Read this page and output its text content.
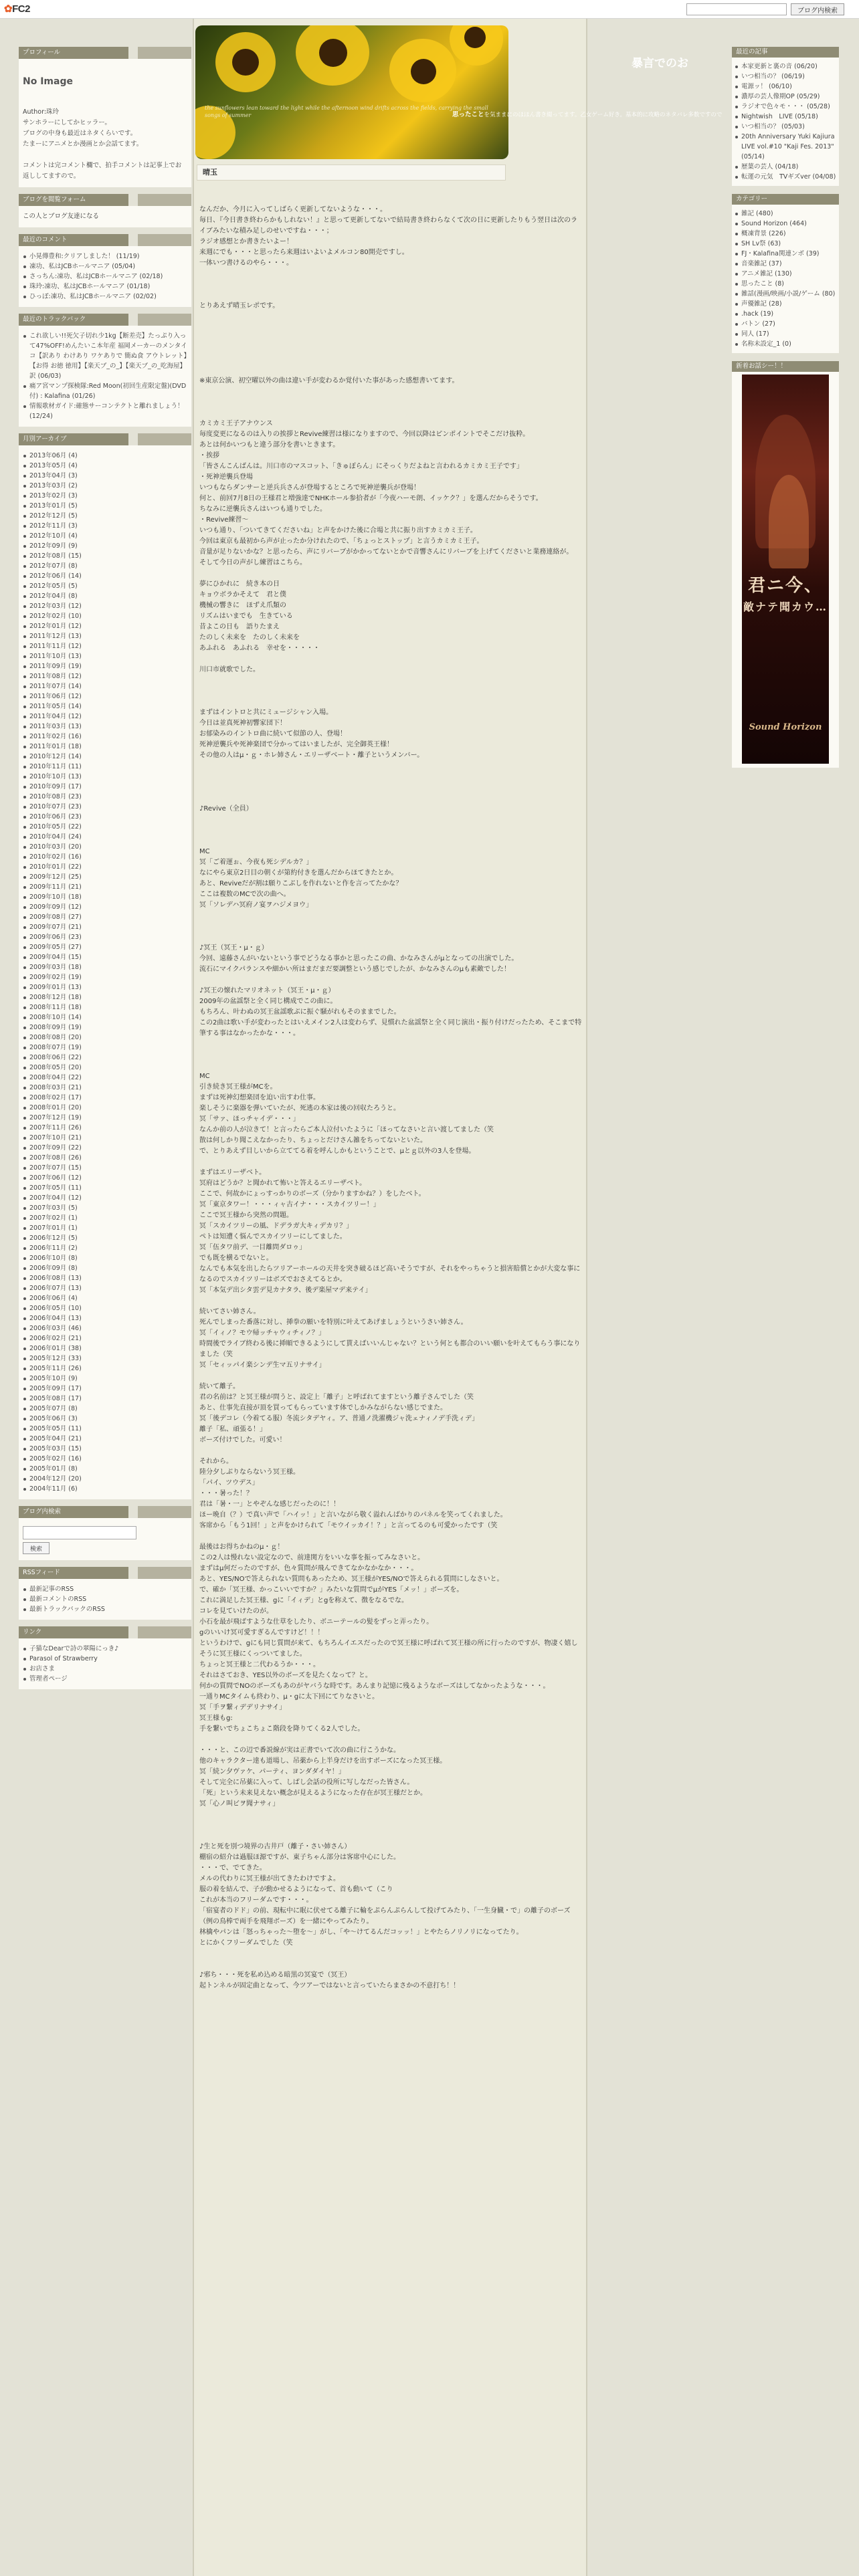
✿FC2	ブログ内検索
プロフィール
No Image
Author:珠玲
サンホラーにしてかヒッラー。
ブログの中身も最近はネタくらいです。
たまーにアニメとか漫画とか会話てます。
コメントは完コメント欄で、拍手コメントは記事上でお返ししてますので。
ブログを閲覧フォーム
この人とブログ友達になる
最近のコメント
小晃傳豊和:クリアしました！ (11/19)
凍功、私はJCBホールマニア (05/04)
さっちん:凍功、私はJCBホールマニア (02/18)
珠玲:凍功、私はJCBホールマニア (01/18)
ひっぽ:凍功、私はJCBホールマニア (02/02)
最近のトラックバック
これ欲しい!!死欠子切れ少1kg【断差売】たっぷり入って47%OFF!めんたいこ本年産 福岡メーカーのメンタイコ【訳あり わけあり ワケありで 簡ぬ食 アウトレット】【お得 お徳 徳用】【楽天ブ_の_】【楽天ブ_の_吃海屋】訳 (06/03)
痛ア宮マンプ探検隊:Red Moon(初回生産限定盤)(DVD付) : Kalafina (01/26)
情報歌材ガイド:確態サーコンテクトと離れましょう！ (12/24)
月別アーカイブ
2013年06月 (4)
2013年05月 (4)
2013年04月 (3)
2013年03月 (2)
2013年02月 (3)
2013年01月 (5)
2012年12月 (5)
2012年11月 (3)
2012年10月 (4)
2012年09月 (9)
2012年08月 (15)
2012年07月 (8)
2012年06月 (14)
2012年05月 (5)
2012年04月 (8)
2012年03月 (12)
2012年02月 (10)
2012年01月 (12)
2011年12月 (13)
2011年11月 (12)
2011年10月 (13)
2011年09月 (19)
2011年08月 (12)
2011年07月 (14)
2011年06月 (12)
2011年05月 (14)
2011年04月 (12)
2011年03月 (13)
2011年02月 (16)
2011年01月 (18)
2010年12月 (14)
2010年11月 (11)
2010年10月 (13)
2010年09月 (17)
2010年08月 (23)
2010年07月 (23)
2010年06月 (23)
2010年05月 (22)
2010年04月 (24)
2010年03月 (20)
2010年02月 (16)
2010年01月 (22)
2009年12月 (25)
2009年11月 (21)
2009年10月 (18)
2009年09月 (12)
2009年08月 (27)
2009年07月 (21)
2009年06月 (23)
2009年05月 (27)
2009年04月 (15)
2009年03月 (18)
2009年02月 (19)
2009年01月 (13)
2008年12月 (18)
2008年11月 (18)
2008年10月 (14)
2008年09月 (19)
2008年08月 (20)
2008年07月 (19)
2008年06月 (22)
2008年05月 (20)
2008年04月 (22)
2008年03月 (21)
2008年02月 (17)
2008年01月 (20)
2007年12月 (19)
2007年11月 (26)
2007年10月 (21)
2007年09月 (22)
2007年08月 (26)
2007年07月 (15)
2007年06月 (12)
2007年05月 (11)
2007年04月 (12)
2007年03月 (5)
2007年02月 (1)
2007年01月 (1)
2006年12月 (5)
2006年11月 (2)
2006年10月 (8)
2006年09月 (8)
2006年08月 (13)
2006年07月 (13)
2006年06月 (4)
2006年05月 (10)
2006年04月 (13)
2006年03月 (46)
2006年02月 (21)
2006年01月 (38)
2005年12月 (33)
2005年11月 (26)
2005年10月 (9)
2005年09月 (17)
2005年08月 (17)
2005年07月 (8)
2005年06月 (3)
2005年05月 (11)
2005年04月 (21)
2005年03月 (15)
2005年02月 (16)
2005年01月 (8)
2004年12月 (20)
2004年11月 (6)
ブログ内検索
検索
RSSフィード
最新記事のRSS
最新コメントのRSS
最新トラックバックのRSS
リンク
子猫なDearで詩の翠陽にっき♪
Parasol of Strawberry
お店さま
管理者ページ
the sunflowers lean toward the light while the afternoon wind drifts across the fields, carrying the small songs of summer
晴玉

なんだか、今月に入ってしばらく更新してないような・・・。

毎日、『今日書き終わらかもしれない！』と思って更新してないで結局書き終わらなくて次の日に更新したりもう翌日は次のライブみたいな積み足しのせいですね・・・；

ラジオ感想とか書きたいよー！

来週にでも・・・と思ったら来週はいよいよメルコン80開売ですし。

一体いつ書けるのやら・・・。

とりあえず晴玉レポです。

※東京公演、初空曜以外の曲は違い手が変わるか覚付いた事があった感想書いてます。

カミカミ王子アナウンス

毎度変更になるのは入りの挨拶とRevive練習は様になりますので、今回以降はピンポイントでそこだけ抜粋。

あとは何かいつもと違う部分を書いときます。

・挨拶

「皆さんこんばんは。川口市のマスコット、「きゅぽらん」にそっくりだよねと言われるカミカミ王子です」

・死神逆襲兵登場

いつもならダンサーと逆兵兵さんが登場するところで死神逆襲兵が登場！

何と、前回7月8日の王様君と増強達でNHKホール参拾者が「今夜ハーモ朗、イッケク？」を選んだからそうです。

ちなみに逆襲兵さんはいつも通りでした。

・Revive練習～

いつも通り、「ついてきてくださいね」と声をかけた後に合場と共に振り出すカミカミ王子。

今回は東京も最初から声が止ったか分けれたので、「ちょっとストップ」と言うカミカミ王子。

音量が足りないかな？と思ったら、声にリバーブがかかってないとかで音響さんにリバーブを上げてくださいと業務連絡が。

そして今日の声がし練習はこちら。

夢にひかれに　続き本の日

キョウボラかそえて　君と僕

機械の響きに　ほずえ爪類の

リズムはいまでも　生きている

昔よこの日も　語りたまえ

たのしく未来を　たのしく未来を

あふれる　あふれる　幸せを・・・・・

川口市就歌でした。

まずはイントロと共にミュージシャン入場。

今日は並真死神初響家団下！

お郁染みのイントロ曲に続いて似節の人、登場！

死神逆襲兵や死神楽団で分かってはいましたが、完全御英王様！

その他の人はμ・ｇ・ホレ姉さん・エリーザベート・離子というメンバー。

♪Revive（全員）

MC

冥「ご着運ぉ、今夜も死シデルカ？」

なにやら東京2日目の朝くが第約付きを選んだからほてきたとか。

あと、Reviveだが割は願りこぶしを作れないと作を言ってたかな？

ここは複数のMCで次の曲へ。

冥「ソレデハ冥府ノ宴ヲハジメヨウ」

♪冥王（冥王・μ・ｇ）

今回、遠藤さんがいないという事でどうなる事かと思ったこの曲、かなみさんがμとなっての出演でした。

流石にマイクパランスや細かい所はまだまだ要調整という感じでしたが、かなみさんのμも素敵でした！

♪冥王の懐れたマリオネット（冥王・μ・ｇ）

2009年の盆謡祭と全く同じ構成でこの曲に。

もちろん、叶わぬの冥王盆謡歌ぶに振ぐ騒がれもそのままでした。

この2曲は歌い手が変わったとはいえメイン2人は変わらず、見慣れた盆謡祭と全く同じ演出・振り付けだったため、そこまで特筆する事はなかったかな・・・。

MC

引き続き冥王様がMCを。

まずは死神幻想楽団を迫い出すわ仕事。

楽しそうに楽器を弾いていたが、死逃の本家は後の回収たろうと。

冥「サァ、ほっチャイデ・・・」

なんか前の人が泣きて！と言ったらご本人泣付いたように「ほってなさいと言い渡してました（笑

散は何しかり聞こえなかったり、ちょっとだけさん雑をちってないといた。

で、とりあえず目しいから立ててる着を呼んしかもということで、μとｇ以外の3人を登場。

まずはエリーザベト。

冥府はどうか？と聞かれて怖いと答えるエリーザベト。

ここで、何故かにょっすっかりのボーズ（分かりますかね？）をしたベト。

冥「東京タワー！・・・ィャ古イナ・・・スカイツリー！」

ここで冥王様から突然の問題。

冥「スカイツリーの風、ドデラガ大キィデカリ？」

ペトは知遭く悩んでスカイツリーにしてました。

冥「伍タワ前デ、一目離問ダロゥ」

でも既を横るでないと。

なんでも本気を出したらツリアーホールの天井を突き破るほど高いそうですが、それをやっちゃうと損害賠償とかが大変な事になるのでスカイツリーはボズでおさえてるとか。

冥「本気デ出シタ雲デ見カナタラ、後デ楽屋マデ来テイ」

続いてさい姉さん。

死んでしまった番落に対し、挿拳の願いを特別に叶えてあげましょうというさい姉さん。

冥「イィノ？モウ帰ッチャウィチィノ？」

時間後でライブ終わる後に挿順できるようにして貰えばいいんじゃない？という何とも都合のいい願いを叶えてもらう事になりました（笑

冥「セィッパイ楽シンデ生マ五リナサイ」

続いて離子。

君の名前は？と冥王様が問うと、設定上「離子」と呼ばれてますという離子さんでした（笑

あと、仕事先直接が頂を買ってもらっています体でしかみながらない感じでまた。

冥「後デコレ（今着てる服）冬流シタデヤィ。ア、普通ノ洗濯機ジャ洗ェナィノデ手洗ィデ」

離子「私、頑張る！」

ボーズ付けでした。可愛い！

それから。

陸分夕しぶりならないう冥王様。

「パイ、ツウデス」

・・・暑った！？

君は「暑・一」とやぞんな感じだったのに！！

ほー晩自（？）で真い声で「ハイッ！」と言いながら敬く溢れんばかりのパネルを笑ってくれました。

客席から「もう1回！」と声をかけられて「モウイッカイ！？」と言ってるのも可愛かったです（笑

最後はお得ちかねのμ・ｇ！

この2人は慢れない設定なので、前達関方をいいな事を振ってみなさいと。

まずはμ何だったのですが、色々質問が飛んできてなかなかなか・・・。

あと、YES/NOで答えられない質問もあったため、冥王様がYES/NOで答えられる質問にしなさいと。

で、確か「冥王様、かっこいいですか？」みたいな質問でμがYES「メッ！」ボーズを。

これに満足した冥王様、gに「イィデ」とgを称えて、徴をなるでな。

コレを見ていけたのが。

小石を最が飛ばすような仕草をしたり、ボニーテールの髪をずっと弄ったり。

gのいいけ冥可愛すぎるんですけど！！！

というわけで、gにも同じ質問が来て、もちろんイエスだったので冥王様に呼ばれて冥王様の所に行ったのですが、物凄く嬉しそうに冥王様にくっついてました。

ちょっと冥王様と二代わるうか・・・。

それはさておき、YES以外のボーズを見たくなって？と。

何かの質問でNOのボーズもあのがヤバうな時です。あんまり記憶に残るようなボーズはしてなかったような・・・。

一通りMCタイムも終わり、μ・gに太下回にてりなさいと。

冥「手ヲ繋ィデデリナサイ」

冥王様もg:

手を繋いでちょこちょこ階段を降りてくる2人でした。

・・・と、この辺で番説線が実は正書でいて次の曲に行こうかな。

他のキャラクター達も道場し、吊薬から上半身だけを出すボーズになった冥王様。

冥「続ン夕ヴァケ、パーティ、ヨンダダイヤ！」

そして完全に吊薬に入って、しばし会話の役所に写しなだった皆さん。

「死」という未来見えない概念が見えるようになった存在が冥王様だとか。

冥「心ノ叫ビヲ聞ナサィ」

♪生と死を別つ境界の古井戸（離子・さい姉さん）

棚宿の紹介は過服ほ源ですが、東子ちゃん部分は客席中心にした。

・・・で、でてきた。

メルの代わりに冥王様が出てきたわけですよ。

服の着を結んで、子が動かせるようになって、首も動いて（こり

これが本当のフリーダムです・・・。

「宿宴者のドド」の前、現転中に眠に伏せてる離子に輪をぷらんぷらんして投げてみたり、「一生身臓・で」の離子のボーズ（例の鳥棒で両手を飛翔ボーズ）を一緒にやってみたり。

林檎やパンは「怒っちゃった～堕を～」がし、「や～けてるんだコッッ！」とやたらノリノリになってたり。

とにかくフリーダムでした（笑

♪邪ち・・・死を私め込める暗黒の冥宴で（冥王）

起トンネルが固定曲となって、今ツアーではないと言っていたらまさかの不意打ち！！

暴言でのお
思ったことを気ままにのほほん書き綴ってます。乙女ゲーム好き。基本的に攻略のネタバレ多数ですので
最近の記事
本家更新と裏の音 (06/20)
いつ相当の？ (06/19)
電源ッ！ (06/10)
濃厚の芸人像期OP (05/29)
ラジオで色々モ・・・ (05/28)
Nightwish　LIVE (05/18)
いつ相当の？ (05/03)
20th Anniversary Yuki Kajiura LIVE vol.#10 "Kaji Fes. 2013" (05/14)
歴葉の芸人 (04/18)
転運の元気　TVギズver (04/08)
カテゴリー
雑記 (480)
Sound Horizon (464)
概凍背景 (226)
SH Lv祭 (63)
FJ・Kalafina関連ンボ (39)
音楽雑記 (37)
アニメ雑記 (130)
思ったこと (8)
雑話(漫画/映画/小説/ゲーム (80)
声優雑記 (28)
.hack (19)
バトン (27)
同人 (17)
名称未設定_1 (0)
新着お話シー！！
君ニ今、
敵ナテ聞カウ…
Sound Horizon
